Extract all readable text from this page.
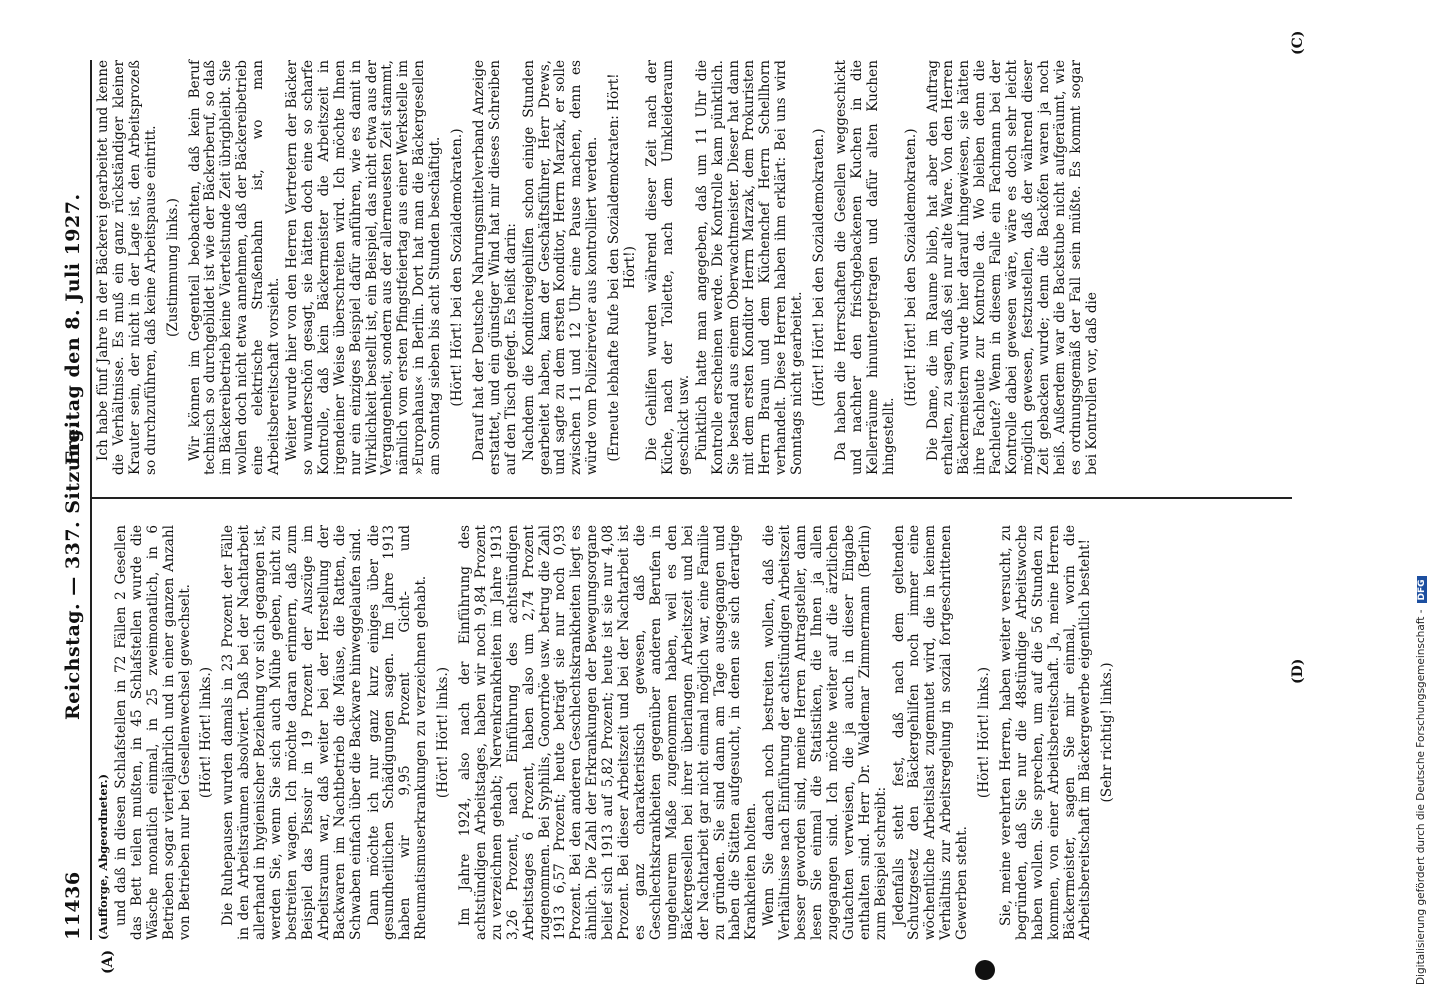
11436
Reichstag. — 337. Sitzung.
Freitag den 8. Juli 1927.
(A)
(C)
(D)

(Aufforge, Abgeordneter.) und daß in diesen Schlafstellen in 72 Fällen 2 Gesellen das Bett teilen mußten, in 45 Schlafstellen wurde die Wäsche monatlich einmal, in 25 zweimonatlich, in 6 Betrieben sogar vierteljährlich und in einer ganzen Anzahl von Betrieben nur bei Gesellenwechsel gewechselt. (Hört! Hört! links.) Die Ruhepausen wurden damals in 23 Prozent der Fälle in den Arbeitsräumen absolviert. Daß bei der Nachtarbeit allerhand in hygienischer Beziehung vor sich gegangen ist, werden Sie, wenn Sie sich auch Mühe geben, nicht zu bestreiten wagen. Ich möchte daran erinnern, daß zum Beispiel das Pissoir in 19 Prozent der Auszüge im Arbeitsraum war, daß weiter bei der Herstellung der Backwaren im Nachtbetrieb die Mäuse, die Ratten, die Schwaben einfach über die Backware hinweggelaufen sind. Dann möchte ich nur ganz kurz einiges über die gesundheitlichen Schädigungen sagen. Im Jahre 1913 haben wir 9,95 Prozent Gicht- und Rheumatismuserkrankungen zu verzeichnen gehabt. (Hört! Hört! links.) Im Jahre 1924, also nach der Einführung des achtstündigen Arbeitstages, haben wir noch 9,84 Prozent zu verzeichnen gehabt; Nervenkrankheiten im Jahre 1913 3,26 Prozent, nach Einführung des achtstündigen Arbeitstages 6 Prozent, haben also um 2,74 Prozent zugenommen. Bei Syphilis, Gonorrhöe usw. betrug die Zahl 1913 6,57 Prozent; heute beträgt sie nur noch 0,93 Prozent. Bei den anderen Geschlechtskrankheiten liegt es ähnlich. Die Zahl der Erkrankungen der Bewegungsorgane belief sich 1913 auf 5,82 Prozent; heute ist sie nur 4,08 Prozent. Bei dieser Arbeitszeit und bei der Nachtarbeit ist es ganz charakteristisch gewesen, daß die Geschlechtskrankheiten gegenüber anderen Berufen in ungeheurem Maße zugenommen haben, weil es den Bäckergesellen bei ihrer überlangen Arbeitszeit und bei der Nachtarbeit gar nicht einmal möglich war, eine Familie zu gründen. Sie sind dann am Tage ausgegangen und haben die Stätten aufgesucht, in denen sie sich derartige Krankheiten holten. Wenn Sie danach noch bestreiten wollen, daß die Verhältnisse nach Einführung der achtstündigen Arbeitszeit besser geworden sind, meine Herren Antragsteller, dann lesen Sie einmal die Statistiken, die Ihnen ja allen zugegangen sind. Ich möchte weiter auf die ärztlichen Gutachten verweisen, die ja auch in dieser Eingabe enthalten sind. Herr Dr. Waldemar Zimmermann (Berlin) zum Beispiel schreibt: Jedenfalls steht fest, daß nach dem geltenden Schutzgesetz den Bäckergehilfen noch immer eine wöchentliche Arbeitslast zugemutet wird, die in keinem Verhältnis zur Arbeitsregelung in sozial fortgeschrittenen Gewerben steht.

(Hört! Hört! links.) Sie, meine verehrten Herren, haben weiter versucht, zu begründen, daß Sie nur die 48stündige Arbeitswoche haben wollen. Sie sprechen, um auf die 56 Stunden zu kommen, von einer Arbeitsbereitschaft. Ja, meine Herren Bäckermeister, sagen Sie mir einmal, worin die Arbeitsbereitschaft im Bäckergewerbe eigentlich besteht! (Sehr richtig! links.)

Ich habe fünf Jahre in der Bäckerei gearbeitet und kenne die Verhältnisse. Es muß ein ganz rückständiger kleiner Krauter sein, der nicht in der Lage ist, den Arbeitsprozeß so durchzuführen, daß keine Arbeitspause eintritt. (Zustimmung links.) Wir können im Gegenteil beobachten, daß kein Beruf technisch so durchgebildet ist wie der Bäckerberuf, so daß im Bäckereibetrieb keine Viertelstunde Zeit übrigbleibt. Sie wollen doch nicht etwa annehmen, daß der Bäckereibetrieb eine elektrische Straßenbahn ist, wo man Arbeitsbereitschaft vorsieht. Weiter wurde hier von den Herren Vertretern der Bäcker so wunderschön gesagt, sie hätten doch eine so scharfe Kontrolle, daß kein Bäckermeister die Arbeitszeit in irgendeiner Weise überschreiten wird. Ich möchte Ihnen nur ein einziges Beispiel dafür anführen, wie es damit in Wirklichkeit bestellt ist, ein Beispiel, das nicht etwa aus der Vergangenheit, sondern aus der allerneuesten Zeit stammt, nämlich vom ersten Pfingstfeiertag aus einer Werkstelle im »Europahaus« in Berlin. Dort hat man die Bäckergesellen am Sonntag sieben bis acht Stunden beschäftigt. (Hört! Hört! bei den Sozialdemokraten.) Darauf hat der Deutsche Nahrungsmittelverband Anzeige erstattet, und ein günstiger Wind hat mir dieses Schreiben auf den Tisch gefegt. Es heißt darin: Nachdem die Konditoreigehilfen schon einige Stunden gearbeitet haben, kam der Geschäftsführer, Herr Drews, und sagte zu dem ersten Konditor, Herrn Marzak, er solle zwischen 11 und 12 Uhr eine Pause machen, denn es würde vom Polizeirevier aus kontrolliert werden. (Erneute lebhafte Rufe bei den Sozialdemokraten: Hört! Hört!) Die Gehilfen wurden während dieser Zeit nach der Küche, nach der Toilette, nach dem Umkleideraum geschickt usw. Pünktlich hatte man angegeben, daß um 11 Uhr die Kontrolle erscheinen werde. Die Kontrolle kam pünktlich. Sie bestand aus einem Oberwachtmeister. Dieser hat dann mit dem ersten Konditor Herrn Marzak, dem Prokuristen Herrn Braun und dem Küchenchef Herrn Schellhorn verhandelt. Diese Herren haben ihm erklärt: Bei uns wird Sonntags nicht gearbeitet. (Hört! Hört! bei den Sozialdemokraten.) Da haben die Herrschaften die Gesellen weggeschickt und nachher den frischgebackenen Kuchen in die Kellerräume hinuntergetragen und dafür alten Kuchen hingestellt.

(Hört! Hört! bei den Sozialdemokraten.) Die Dame, die im Raume blieb, hat aber den Auftrag erhalten, zu sagen, daß sei nur alte Ware. Von den Herren Bäckermeistern wurde hier darauf hingewiesen, sie hätten ihre Fachleute zur Kontrolle da. Wo bleiben denn die Fachleute? Wenn in diesem Falle ein Fachmann bei der Kontrolle dabei gewesen wäre, wäre es doch sehr leicht möglich gewesen, festzustellen, daß der während dieser Zeit gebacken wurde; denn die Backöfen waren ja noch heiß. Außerdem war die Backstube nicht aufgeräumt, wie es ordnungsgemäß der Fall sein müßte. Es kommt sogar bei Kontrollen vor, daß die

Digitalisierung gefördert durch die Deutsche Forschungsgemeinschaft -DFG
